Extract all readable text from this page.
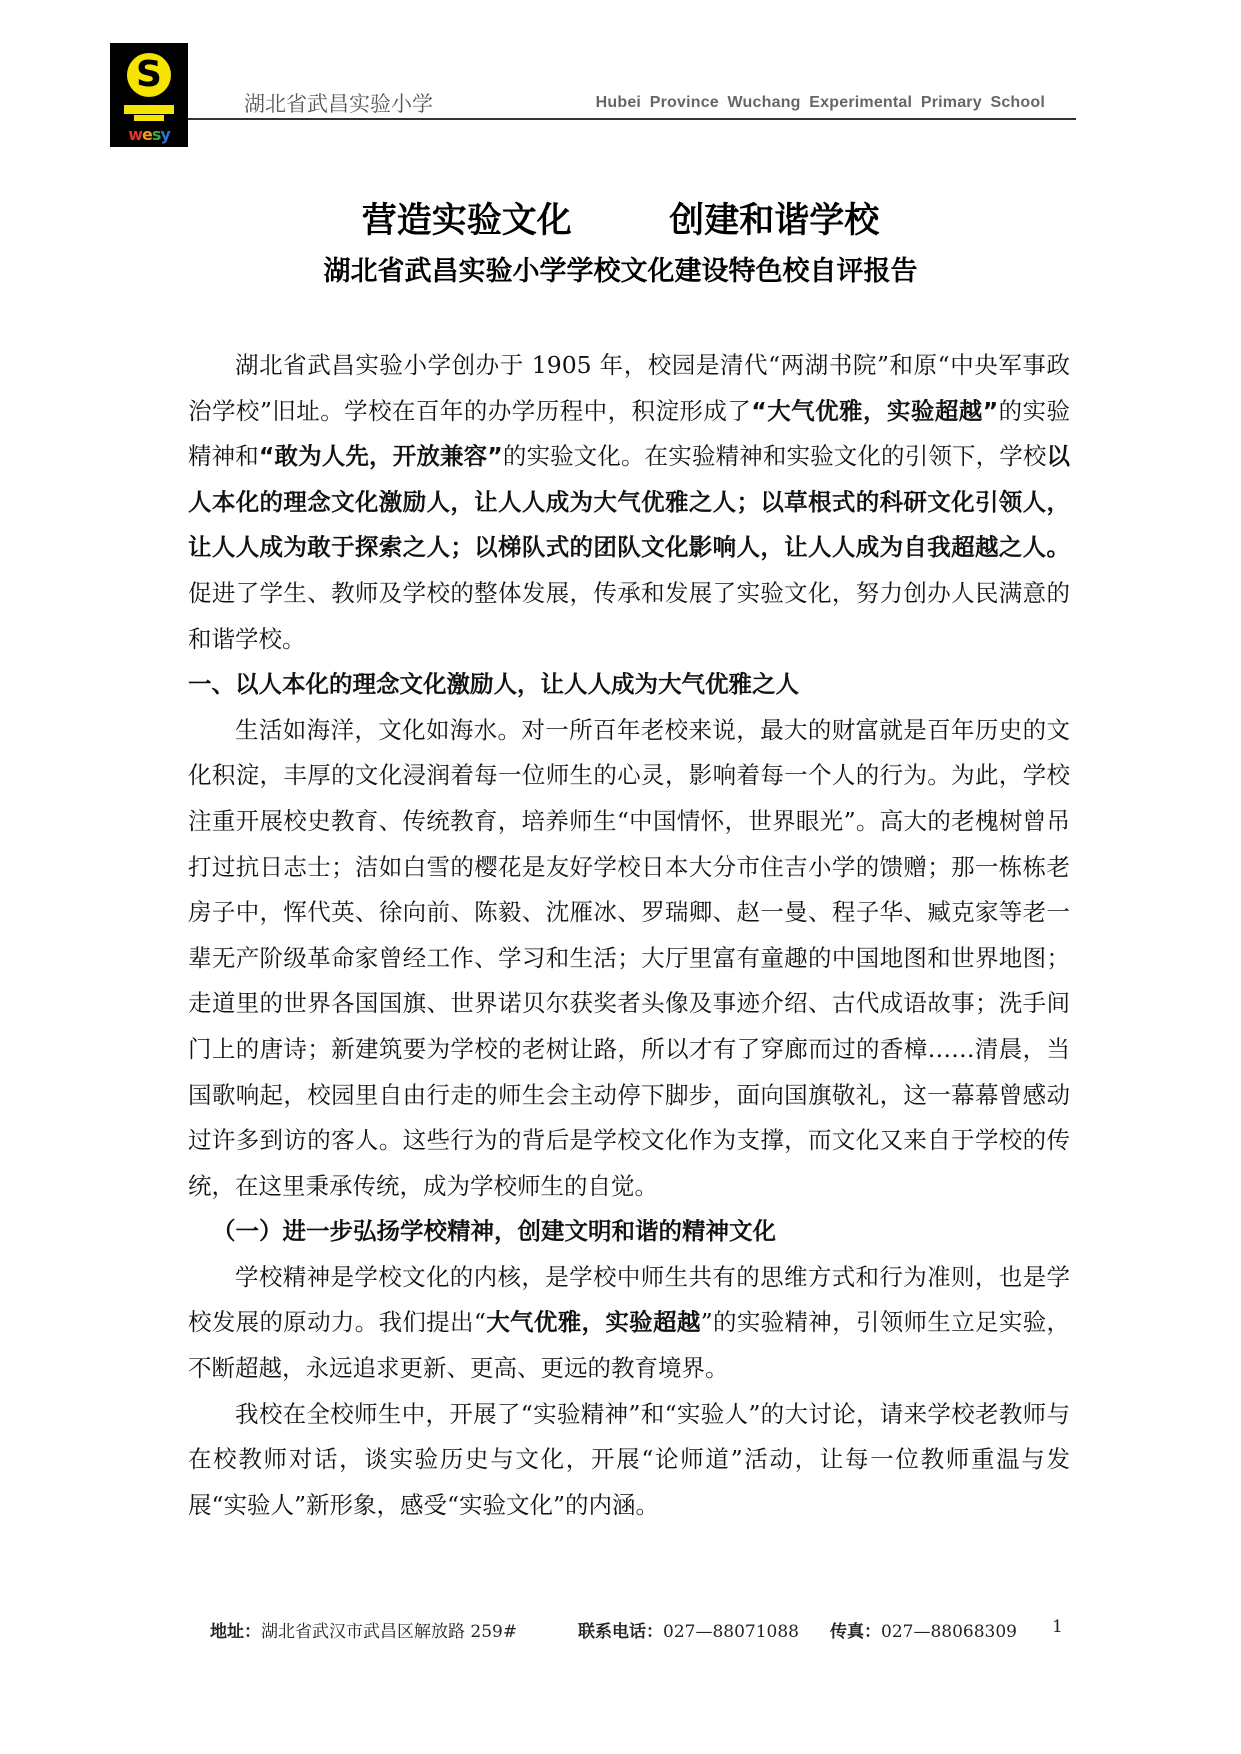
S
wesy
湖北省武昌实验小学	Hubei Province Wuchang Experimental Primary School
营造实验文化        创建和谐学校
湖北省武昌实验小学学校文化建设特色校自评报告

湖北省武昌实验小学创办于 1905 年，校园是清代“两湖书院”和原“中央军事政治学校”旧址。学校在百年的办学历程中，积淀形成了“大气优雅，实验超越”的实验精神和“敢为人先，开放兼容”的实验文化。在实验精神和实验文化的引领下，学校以人本化的理念文化激励人，让人人成为大气优雅之人；以草根式的科研文化引领人，让人人成为敢于探索之人；以梯队式的团队文化影响人，让人人成为自我超越之人。促进了学生、教师及学校的整体发展，传承和发展了实验文化，努力创办人民满意的和谐学校。

一、以人本化的理念文化激励人，让人人成为大气优雅之人

生活如海洋，文化如海水。对一所百年老校来说，最大的财富就是百年历史的文化积淀，丰厚的文化浸润着每一位师生的心灵，影响着每一个人的行为。为此，学校注重开展校史教育、传统教育，培养师生“中国情怀，世界眼光”。高大的老槐树曾吊打过抗日志士；洁如白雪的樱花是友好学校日本大分市住吉小学的馈赠；那一栋栋老房子中，恽代英、徐向前、陈毅、沈雁冰、罗瑞卿、赵一曼、程子华、臧克家等老一辈无产阶级革命家曾经工作、学习和生活；大厅里富有童趣的中国地图和世界地图；走道里的世界各国国旗、世界诺贝尔获奖者头像及事迹介绍、古代成语故事；洗手间门上的唐诗；新建筑要为学校的老树让路，所以才有了穿廊而过的香樟……清晨，当国歌响起，校园里自由行走的师生会主动停下脚步，面向国旗敬礼，这一幕幕曾感动过许多到访的客人。这些行为的背后是学校文化作为支撑，而文化又来自于学校的传统，在这里秉承传统，成为学校师生的自觉。

（一）进一步弘扬学校精神，创建文明和谐的精神文化

学校精神是学校文化的内核，是学校中师生共有的思维方式和行为准则，也是学校发展的原动力。我们提出“大气优雅，实验超越”的实验精神，引领师生立足实验，不断超越，永远追求更新、更高、更远的教育境界。

我校在全校师生中，开展了“实验精神”和“实验人”的大讨论，请来学校老教师与在校教师对话，谈实验历史与文化，开展“论师道”活动，让每一位教师重温与发展“实验人”新形象，感受“实验文化”的内涵。

地址：湖北省武汉市武昌区解放路 259#	联系电话：027—88071088 传真：027—88068309 1
